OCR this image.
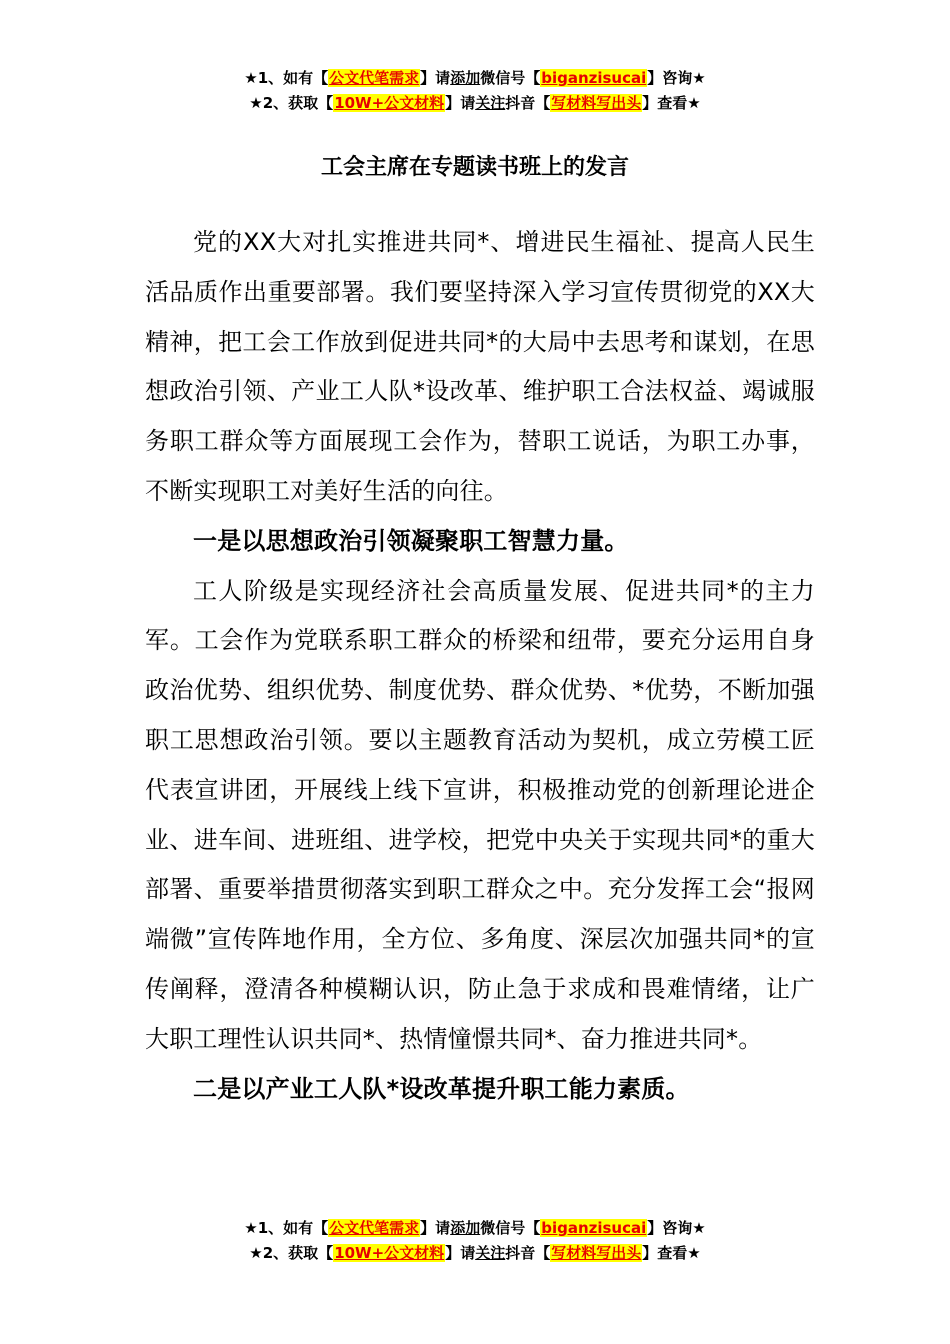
★1、如有【公文代笔需求】请添加微信号【biganzisucai】咨询★
★2、获取【10W+公文材料】请关注抖音【写材料写出头】查看★
工会主席在专题读书班上的发言

党的XX大对扎实推进共同*、增进民生福祉、提高人民生活品质作出重要部署。我们要坚持深入学习宣传贯彻党的XX大精神，把工会工作放到促进共同*的大局中去思考和谋划，在思想政治引领、产业工人队*设改革、维护职工合法权益、竭诚服务职工群众等方面展现工会作为，替职工说话，为职工办事，不断实现职工对美好生活的向往。

一是以思想政治引领凝聚职工智慧力量。

工人阶级是实现经济社会高质量发展、促进共同*的主力军。工会作为党联系职工群众的桥梁和纽带，要充分运用自身政治优势、组织优势、制度优势、群众优势、*优势，不断加强职工思想政治引领。要以主题教育活动为契机，成立劳模工匠代表宣讲团，开展线上线下宣讲，积极推动党的创新理论进企业、进车间、进班组、进学校，把党中央关于实现共同*的重大部署、重要举措贯彻落实到职工群众之中。充分发挥工会“报网端微”宣传阵地作用，全方位、多角度、深层次加强共同*的宣传阐释，澄清各种模糊认识，防止急于求成和畏难情绪，让广大职工理性认识共同*、热情憧憬共同*、奋力推进共同*。

二是以产业工人队*设改革提升职工能力素质。

★1、如有【公文代笔需求】请添加微信号【biganzisucai】咨询★
★2、获取【10W+公文材料】请关注抖音【写材料写出头】查看★
